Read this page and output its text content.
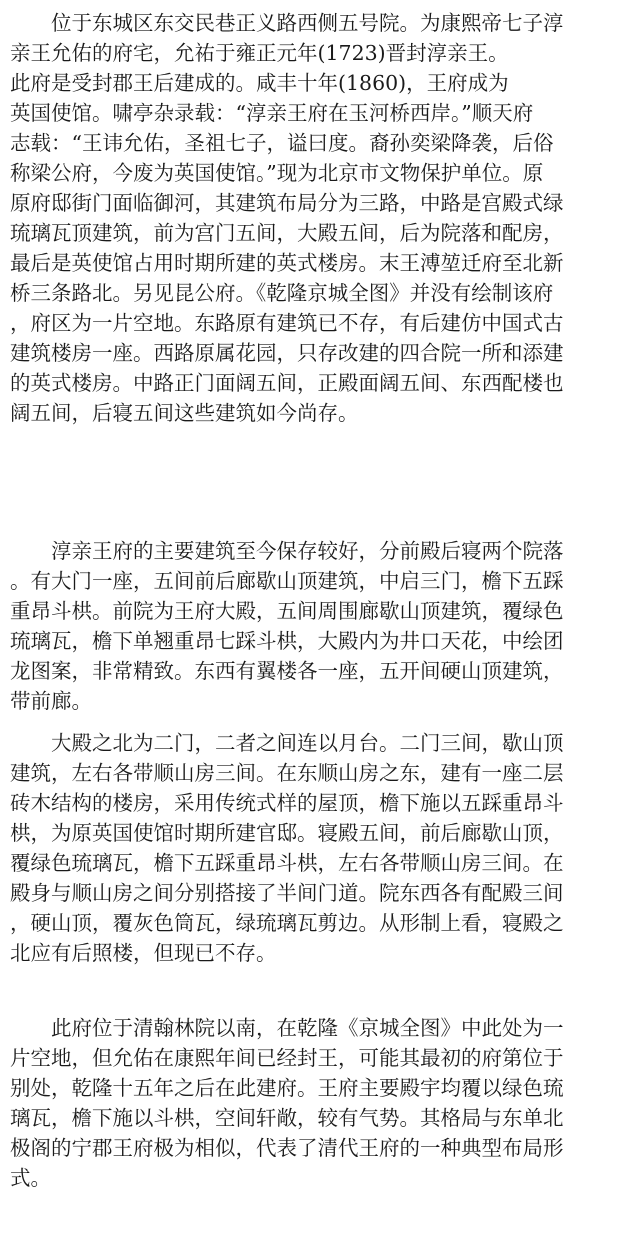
　　位于东城区东交民巷正义路西侧五号院。为康熙帝七子淳
亲王允佑的府宅，允祐于雍正元年(1723)晋封淳亲王。
此府是受封郡王后建成的。咸丰十年(1860)，王府成为
英国使馆。啸亭杂录载：“淳亲王府在玉河桥西岸。”顺天府
志载：“王讳允佑，圣祖七子，谥曰度。裔孙奕梁降袭，后俗
称梁公府，今废为英国使馆。”现为北京市文物保护单位。原
原府邸街门面临御河，其建筑布局分为三路，中路是宫殿式绿
琉璃瓦顶建筑，前为宫门五间，大殿五间，后为院落和配房，
最后是英使馆占用时期所建的英式楼房。末王溥堃迁府至北新
桥三条路北。另见昆公府。《乾隆京城全图》并没有绘制该府
，府区为一片空地。东路原有建筑已不存，有后建仿中国式古
建筑楼房一座。西路原属花园，只存改建的四合院一所和添建
的英式楼房。中路正门面阔五间，正殿面阔五间、东西配楼也
阔五间，后寝五间这些建筑如今尚存。
　　淳亲王府的主要建筑至今保存较好，分前殿后寝两个院落
。有大门一座，五间前后廊歇山顶建筑，中启三门，檐下五踩
重昂斗栱。前院为王府大殿，五间周围廊歇山顶建筑，覆绿色
琉璃瓦，檐下单翘重昂七踩斗栱，大殿内为井口天花，中绘团
龙图案，非常精致。东西有翼楼各一座，五开间硬山顶建筑，
带前廊。
　　大殿之北为二门，二者之间连以月台。二门三间，歇山顶
建筑，左右各带顺山房三间。在东顺山房之东，建有一座二层
砖木结构的楼房，采用传统式样的屋顶，檐下施以五踩重昂斗
栱，为原英国使馆时期所建官邸。寝殿五间，前后廊歇山顶，
覆绿色琉璃瓦，檐下五踩重昂斗栱，左右各带顺山房三间。在
殿身与顺山房之间分别搭接了半间门道。院东西各有配殿三间
，硬山顶，覆灰色筒瓦，绿琉璃瓦剪边。从形制上看，寝殿之
北应有后照楼，但现已不存。
　　此府位于清翰林院以南，在乾隆《京城全图》中此处为一
片空地，但允佑在康熙年间已经封王，可能其最初的府第位于
别处，乾隆十五年之后在此建府。王府主要殿宇均覆以绿色琉
璃瓦，檐下施以斗栱，空间轩敞，较有气势。其格局与东单北
极阁的宁郡王府极为相似，代表了清代王府的一种典型布局形
式。
